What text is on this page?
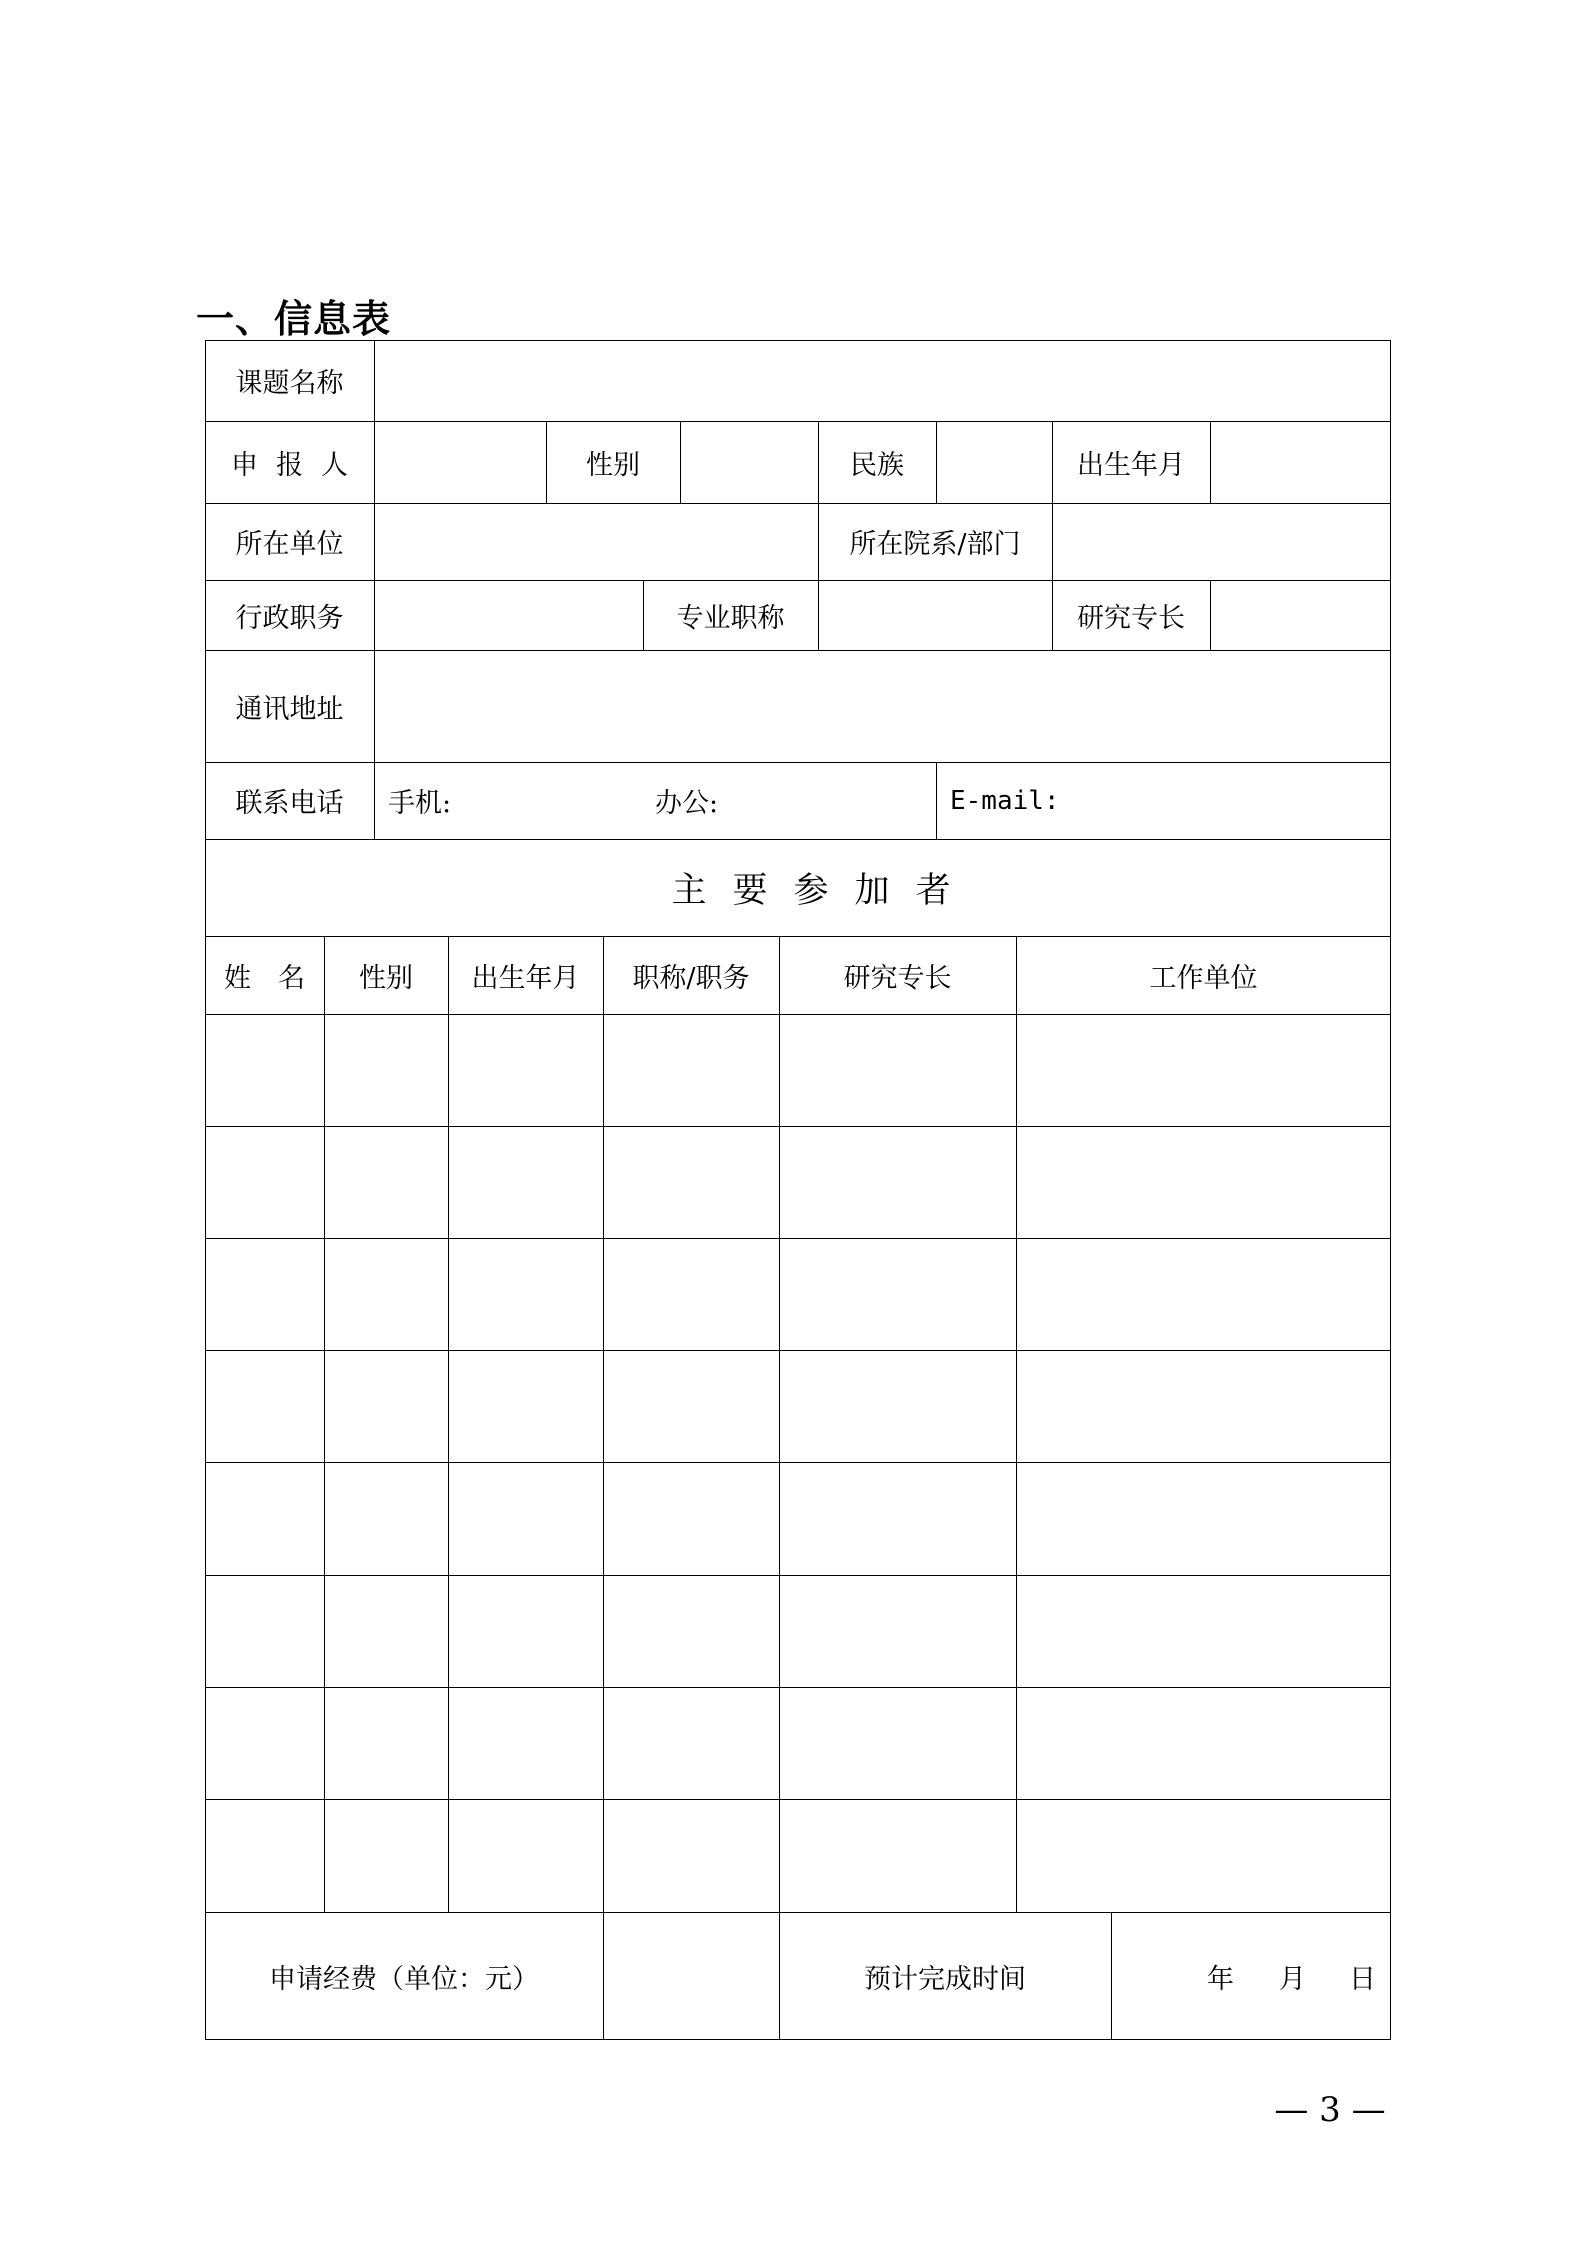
一、信息表
课题名称
申报人	性别	民族	出生年月
所在单位	所在院系/部门
行政职务	专业职称	研究专长
通讯地址
联系电话	手机:	办公:	E-mail:
主要参加者
姓　名	性别	出生年月	职称/职务	研究专长	工作单位
申请经费（单位：元）	预计完成时间	年 月 日
— 3 —
